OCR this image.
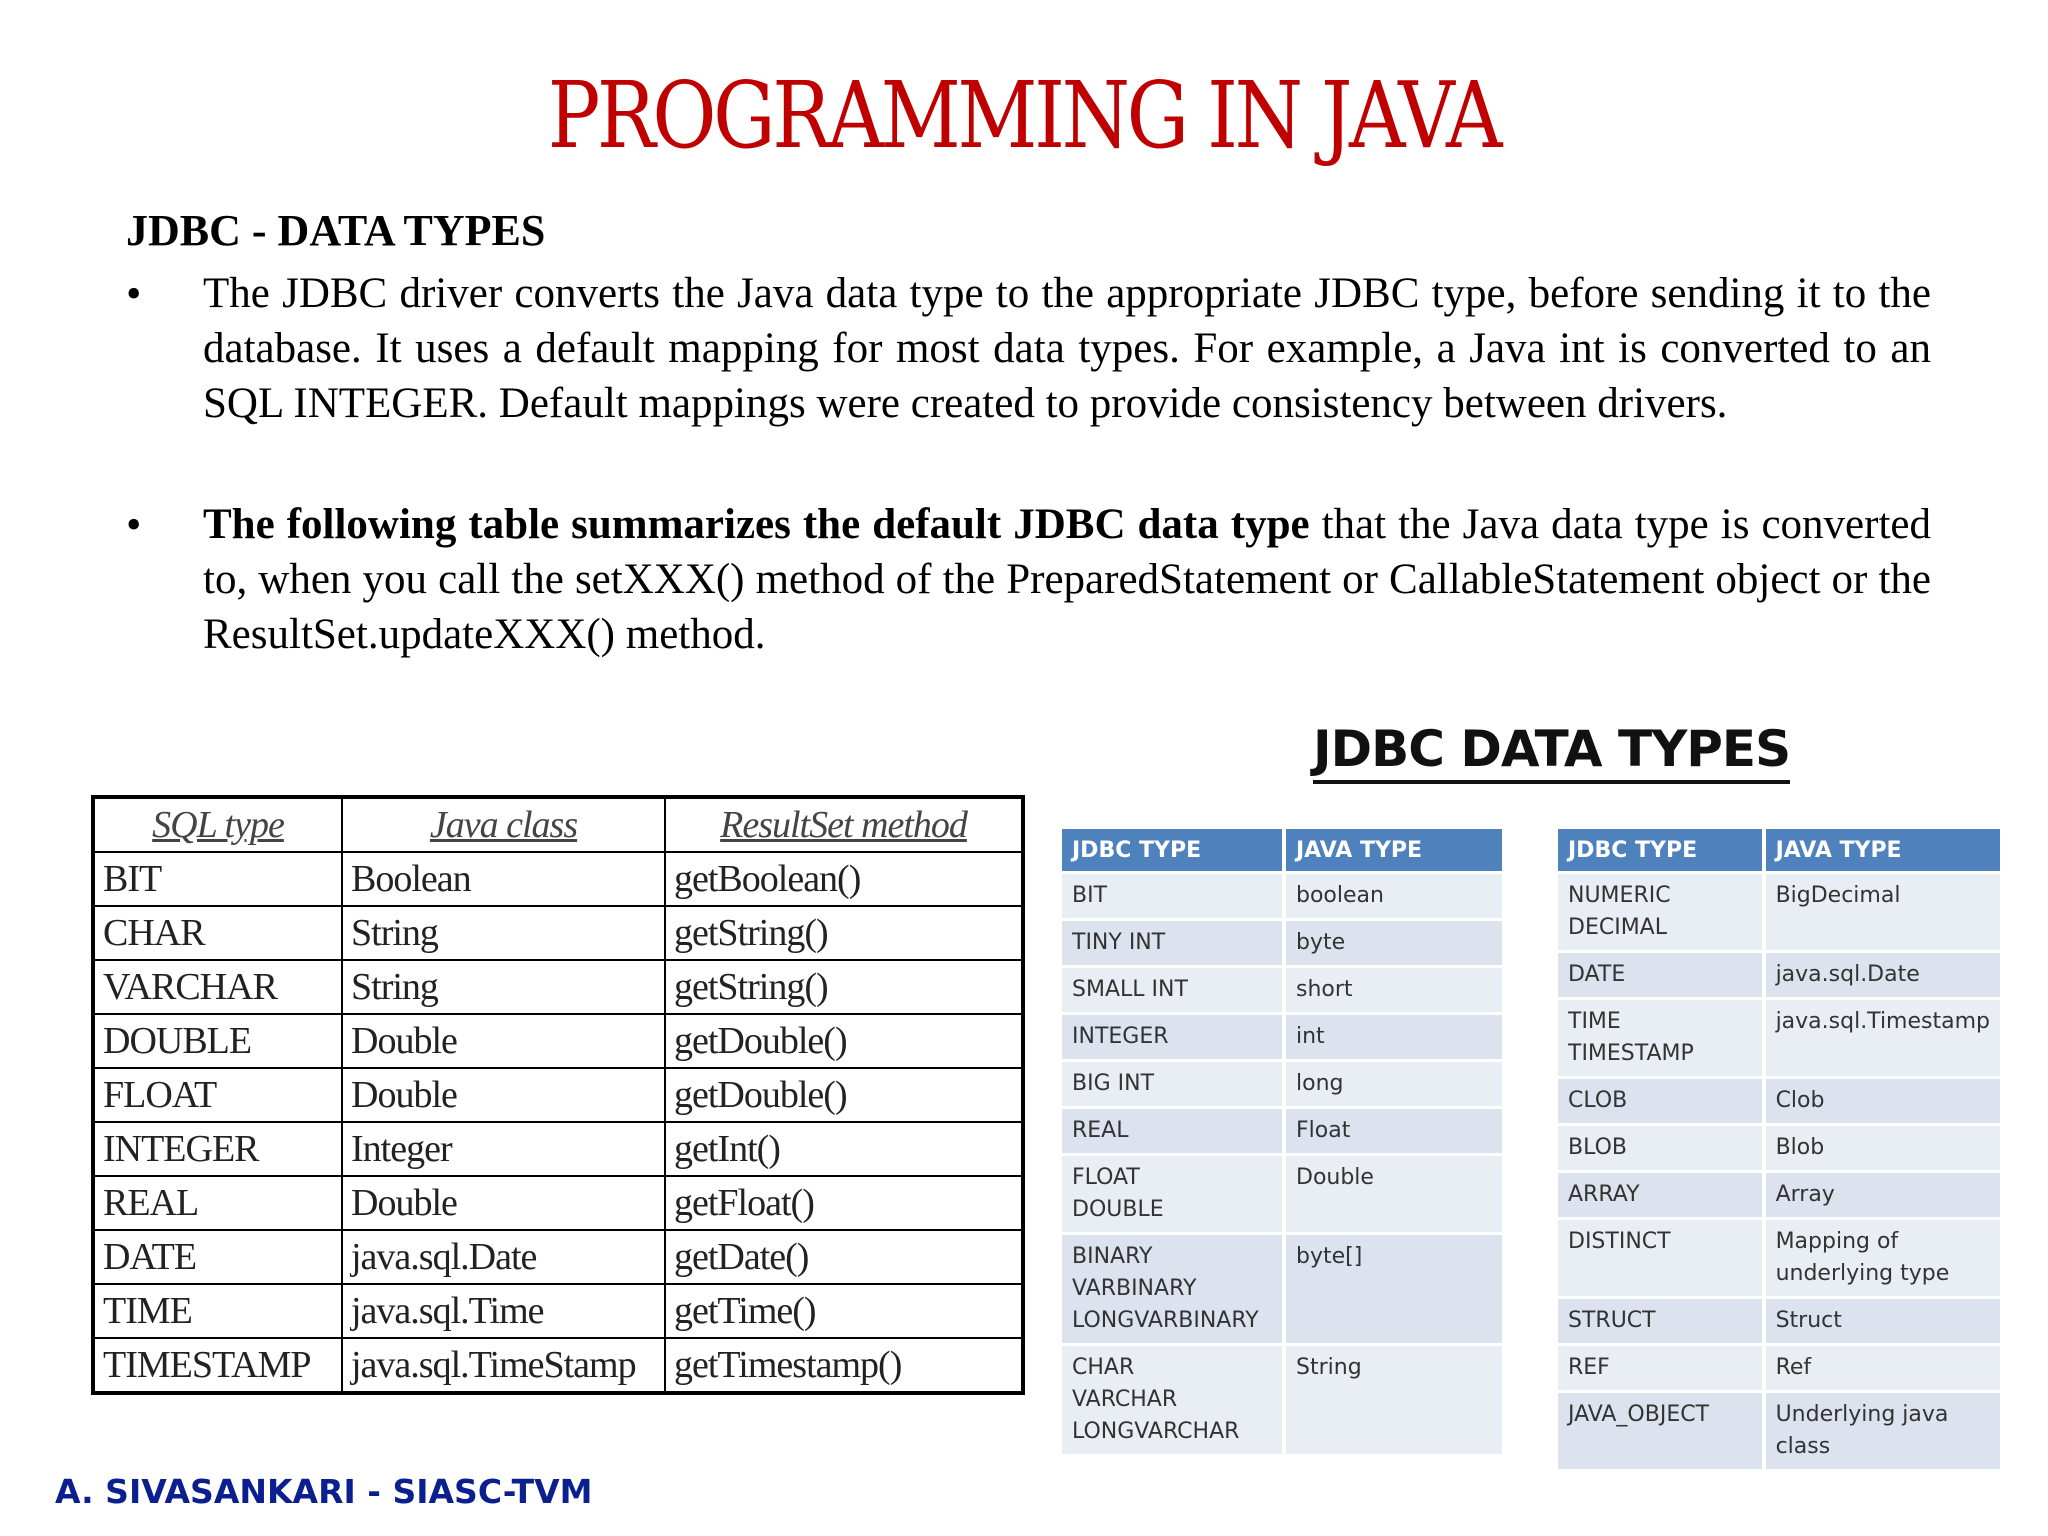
PROGRAMMING IN JAVA
JDBC - DATA TYPES
• The JDBC driver converts the Java data type to the appropriate JDBC type, before sending it to the database. It uses a default mapping for most data types. For example, a Java int is converted to an SQL INTEGER. Default mappings were created to provide consistency between drivers.
• The following table summarizes the default JDBC data type that the Java data type is converted to, when you call the setXXX() method of the PreparedStatement or CallableStatement object or the ResultSet.updateXXX() method.
SQL type	Java class	ResultSet method
BIT	Boolean	getBoolean()
CHAR	String	getString()
VARCHAR	String	getString()
DOUBLE	Double	getDouble()
FLOAT	Double	getDouble()
INTEGER	Integer	getInt()
REAL	Double	getFloat()
DATE	java.sql.Date	getDate()
TIME	java.sql.Time	getTime()
TIMESTAMP	java.sql.TimeStamp	getTimestamp()
JDBC DATA TYPES
JDBC TYPE	JAVA TYPE
BIT	boolean
TINY INT	byte
SMALL INT	short
INTEGER	int
BIG INT	long
REAL	Float
FLOAT
DOUBLE	Double
BINARY
VARBINARY
LONGVARBINARY	byte[]
CHAR
VARCHAR
LONGVARCHAR	String
JDBC TYPE	JAVA TYPE
NUMERIC
DECIMAL	BigDecimal
DATE	java.sql.Date
TIME
TIMESTAMP	java.sql.Timestamp
CLOB	Clob
BLOB	Blob
ARRAY	Array
DISTINCT	Mapping of
underlying type
STRUCT	Struct
REF	Ref
JAVA_OBJECT	Underlying java
class
A. SIVASANKARI - SIASC-TVM
